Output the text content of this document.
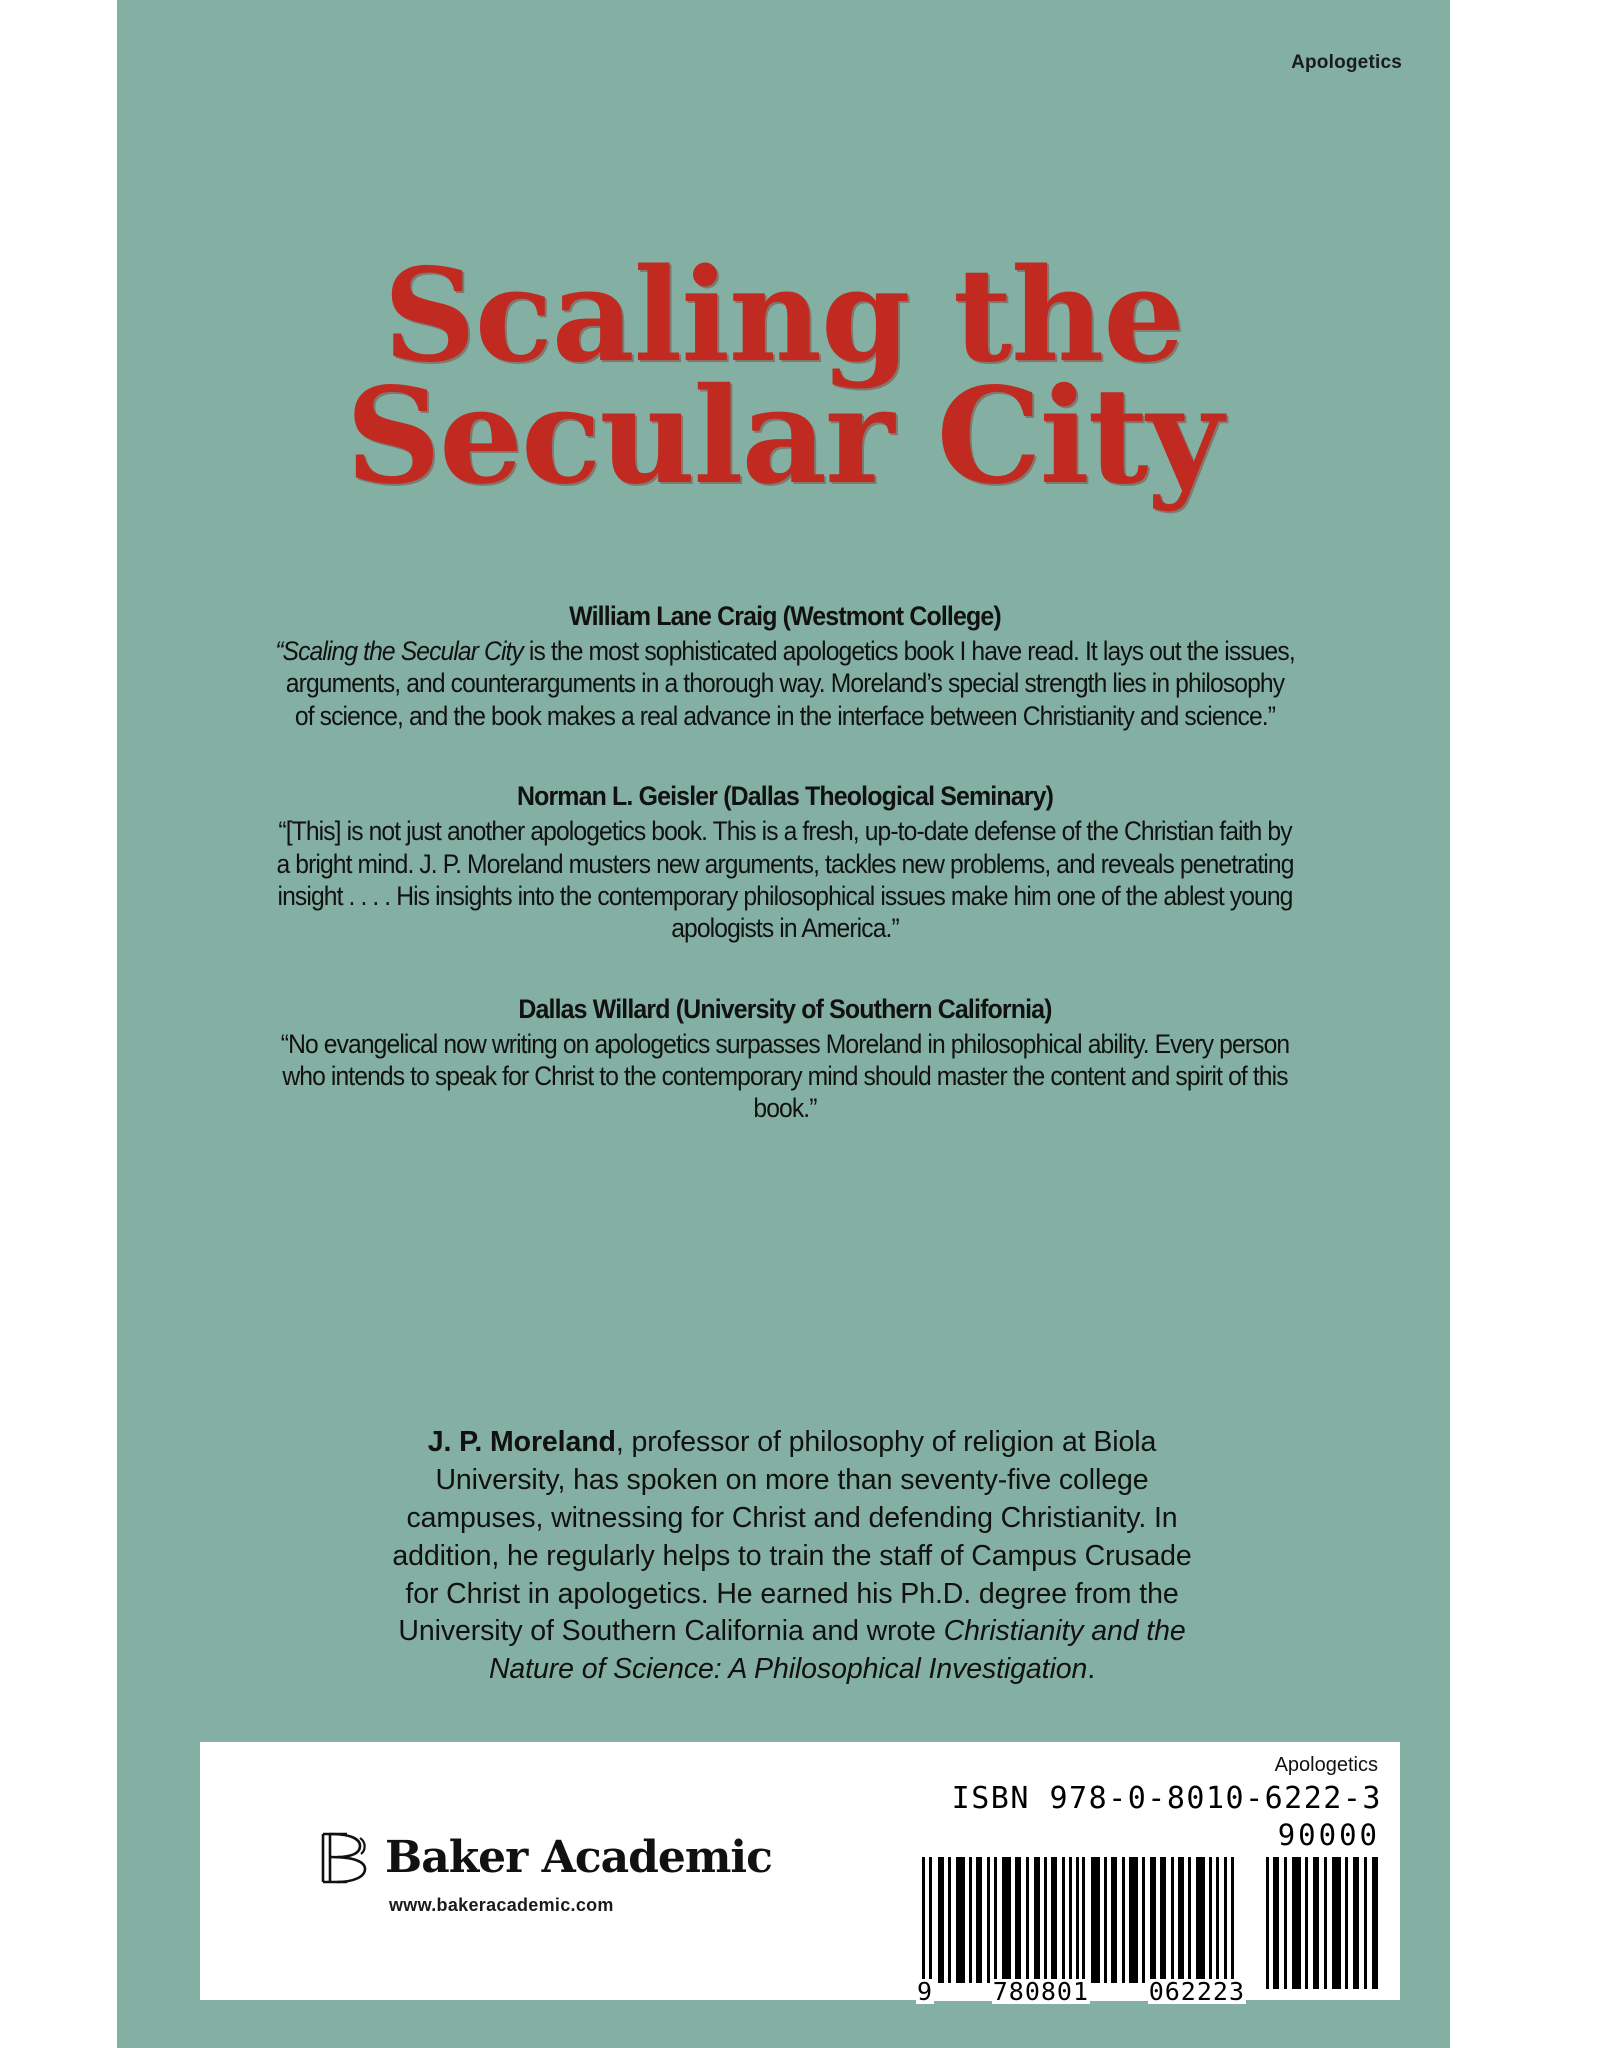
Apologetics
Scaling the
Secular City
William Lane Craig (Westmont College)
“Scaling the Secular City is the most sophisticated apologetics book I have read. It lays out the issues, arguments, and counterarguments in a thorough way. Moreland’s special strength lies in philosophy of science, and the book makes a real advance in the interface between Christianity and science.”
Norman L. Geisler (Dallas Theological Seminary)
“[This] is not just another apologetics book. This is a fresh, up-to-date defense of the Christian faith by a bright mind. J. P. Moreland musters new arguments, tackles new problems, and reveals penetrating insight . . . . His insights into the contemporary philosophical issues make him one of the ablest young apologists in America.”
Dallas Willard (University of Southern California)
“No evangelical now writing on apologetics surpasses Moreland in philosophical ability. Every person who intends to speak for Christ to the contemporary mind should master the content and spirit of this book.”
J. P. Moreland, professor of philosophy of religion at Biola University, has spoken on more than seventy-five college campuses, witnessing for Christ and defending Christianity. In addition, he regularly helps to train the staff of Campus Crusade for Christ in apologetics. He earned his Ph.D. degree from the University of Southern California and wrote Christianity and the Nature of Science: A Philosophical Investigation.
Baker Academic
www.bakeracademic.com
Apologetics
ISBN 978-0-8010-6222-3
90000
9 780801 062223
